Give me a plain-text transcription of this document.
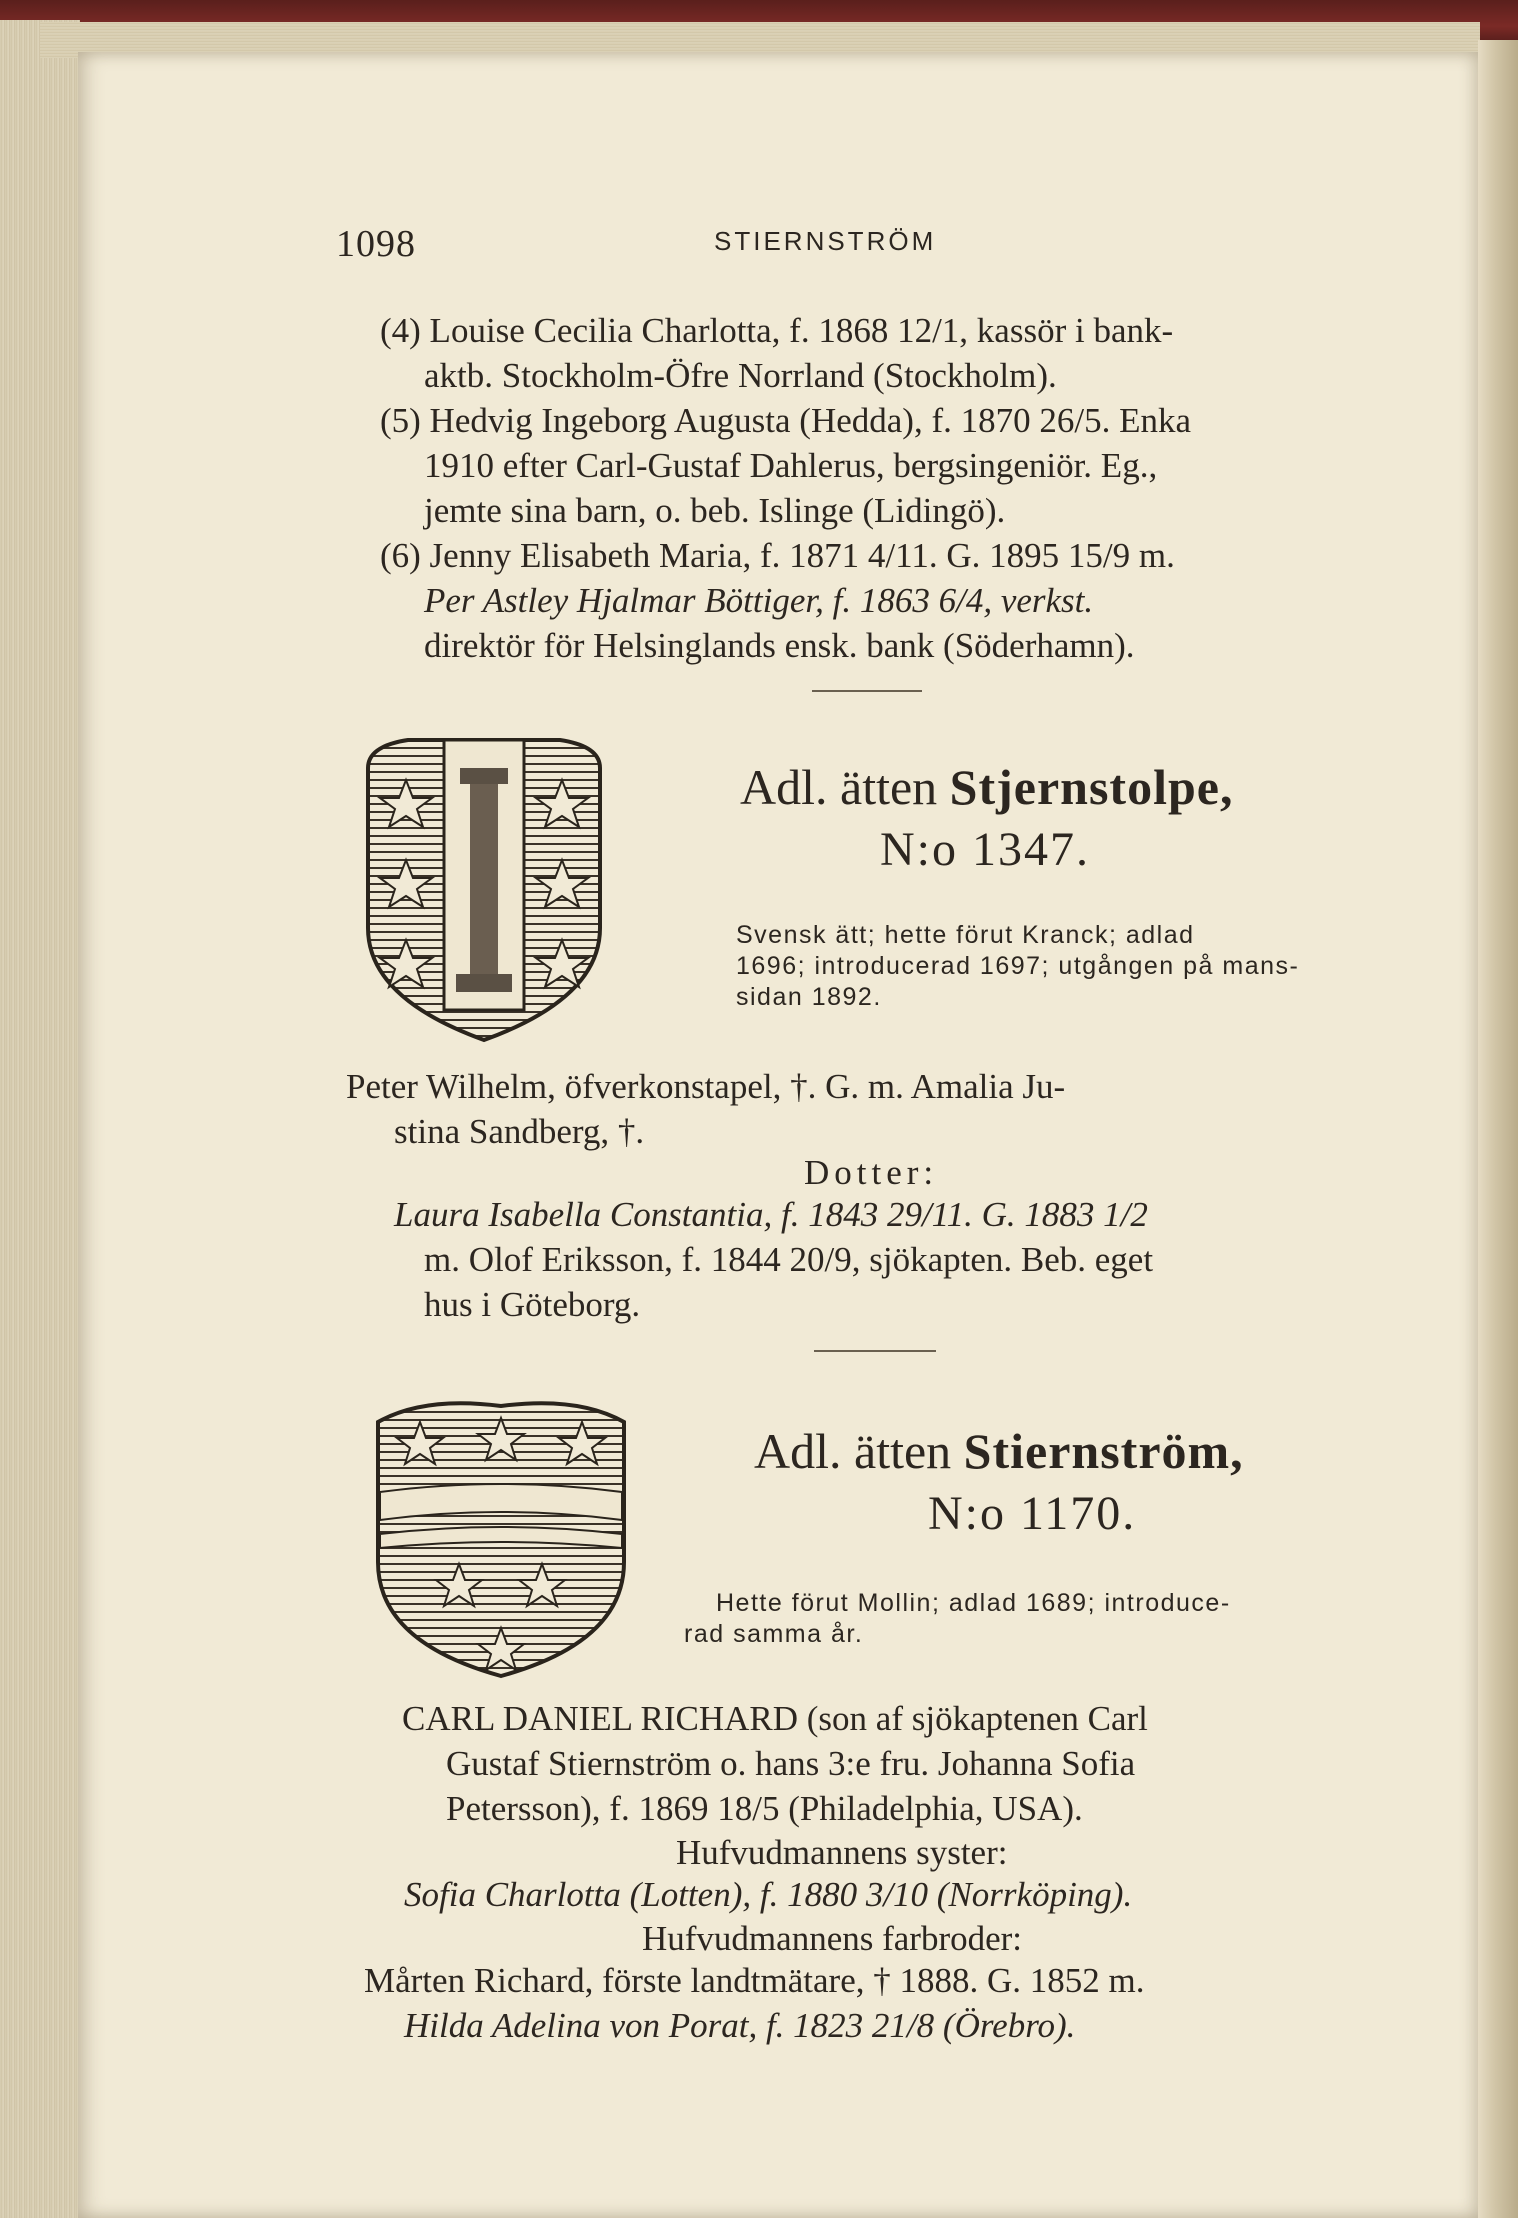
1098	STIERNSTRÖM
(4) Louise Cecilia Charlotta, f. 1868 12/1, kassör i bank-
aktb. Stockholm-Öfre Norrland (Stockholm).
(5) Hedvig Ingeborg Augusta (Hedda), f. 1870 26/5. Enka
1910 efter Carl-Gustaf Dahlerus, bergsingeniör. Eg.,
jemte sina barn, o. beb. Islinge (Lidingö).
(6) Jenny Elisabeth Maria, f. 1871 4/11. G. 1895 15/9 m.
Per Astley Hjalmar Böttiger, f. 1863 6/4, verkst.
direktör för Helsinglands ensk. bank (Söderhamn).
Adl. ätten Stjernstolpe,
N:o 1347.
Svensk ätt; hette förut Kranck; adlad
1696; introducerad 1697; utgången på mans-
sidan 1892.
Peter Wilhelm, öfverkonstapel, †. G. m. Amalia Ju-
stina Sandberg, †.
Dotter:
Laura Isabella Constantia, f. 1843 29/11. G. 1883 1/2
m. Olof Eriksson, f. 1844 20/9, sjökapten. Beb. eget
hus i Göteborg.
Adl. ätten Stiernström,
N:o 1170.
Hette förut Mollin; adlad 1689; introduce-
rad samma år.
CARL DANIEL RICHARD (son af sjökaptenen Carl
Gustaf Stiernström o. hans 3:e fru. Johanna Sofia
Petersson), f. 1869 18/5 (Philadelphia, USA).
Hufvudmannens syster:
Sofia Charlotta (Lotten), f. 1880 3/10 (Norrköping).
Hufvudmannens farbroder:
Mårten Richard, förste landtmätare, † 1888. G. 1852 m.
Hilda Adelina von Porat, f. 1823 21/8 (Örebro).
